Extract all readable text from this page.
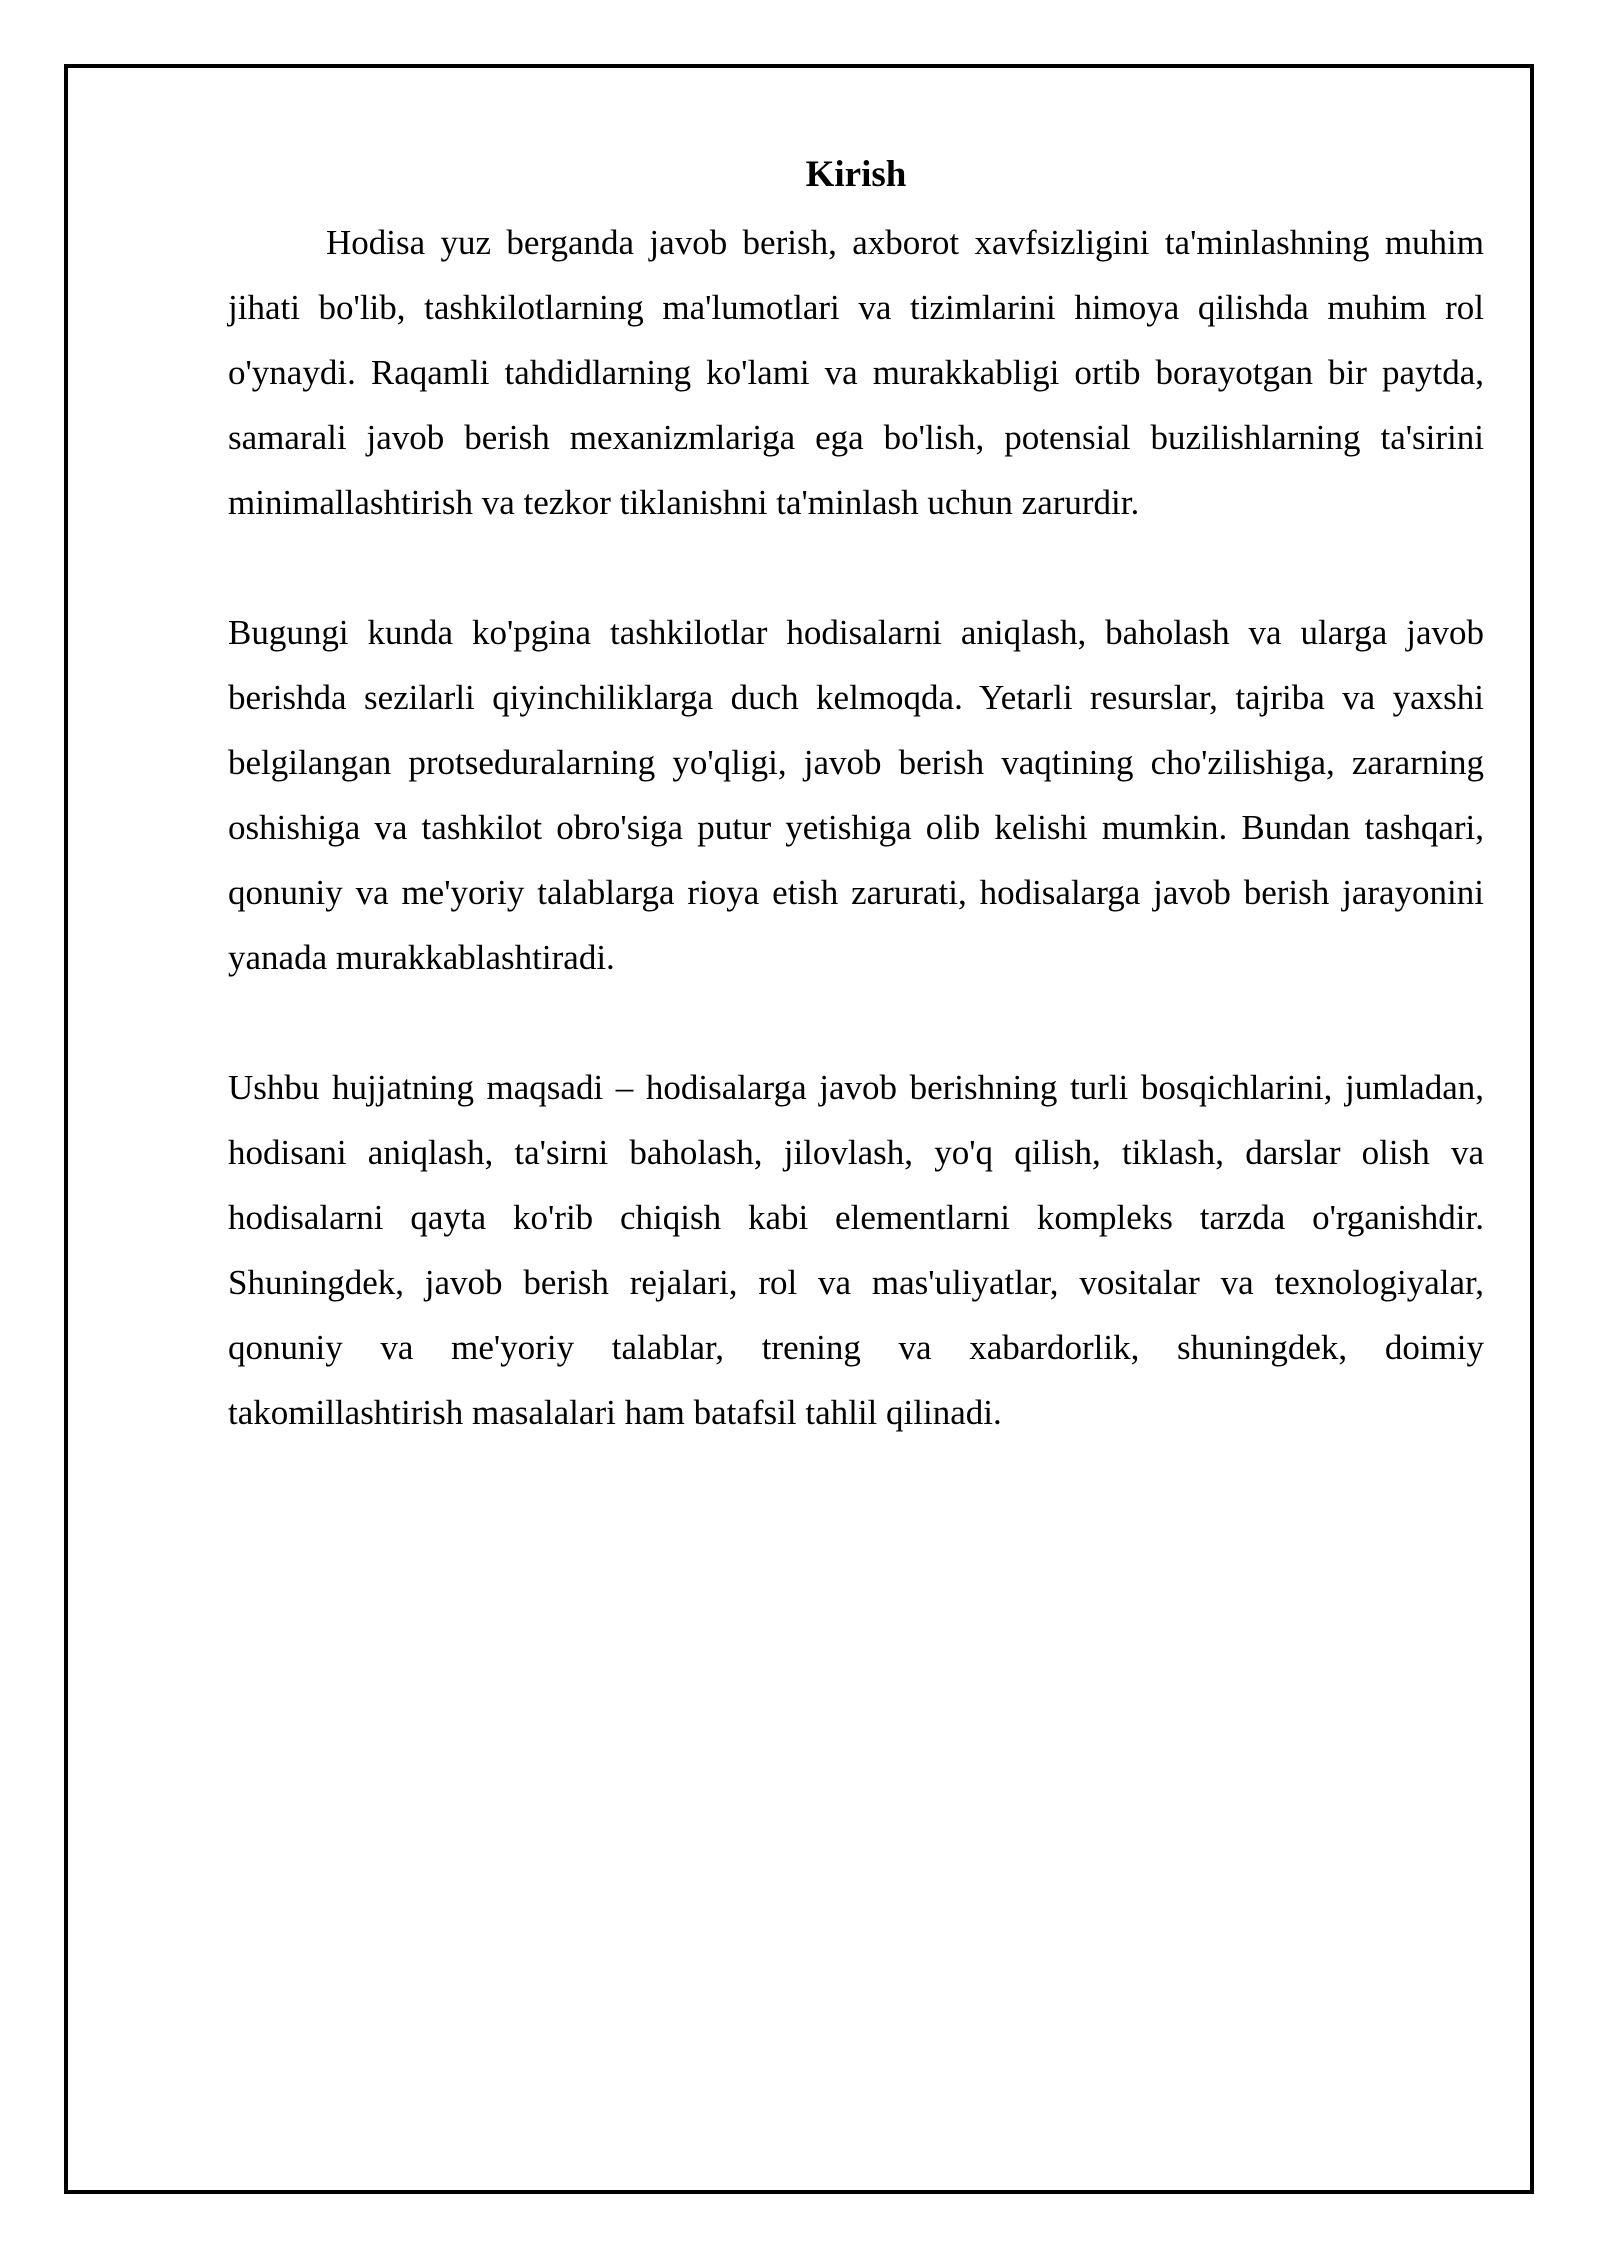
Kirish

Hodisa yuz berganda javob berish, axborot xavfsizligini ta'minlashning muhim jihati bo'lib, tashkilotlarning ma'lumotlari va tizimlarini himoya qilishda muhim rol o'ynaydi. Raqamli tahdidlarning ko'lami va murakkabligi ortib borayotgan bir paytda, samarali javob berish mexanizmlariga ega bo'lish, potensial buzilishlarning ta'sirini minimallashtirish va tezkor tiklanishni ta'minlash uchun zarurdir.

Bugungi kunda ko'pgina tashkilotlar hodisalarni aniqlash, baholash va ularga javob berishda sezilarli qiyinchiliklarga duch kelmoqda. Yetarli resurslar, tajriba va yaxshi belgilangan protseduralarning yo'qligi, javob berish vaqtining cho'zilishiga, zararning oshishiga va tashkilot obro'siga putur yetishiga olib kelishi mumkin. Bundan tashqari, qonuniy va me'yoriy talablarga rioya etish zarurati, hodisalarga javob berish jarayonini yanada murakkablashtiradi.

Ushbu hujjatning maqsadi – hodisalarga javob berishning turli bosqichlarini, jumladan, hodisani aniqlash, ta'sirni baholash, jilovlash, yo'q qilish, tiklash, darslar olish va hodisalarni qayta ko'rib chiqish kabi elementlarni kompleks tarzda o'rganishdir. Shuningdek, javob berish rejalari, rol va mas'uliyatlar, vositalar va texnologiyalar, qonuniy va me'yoriy talablar, trening va xabardorlik, shuningdek, doimiy takomillashtirish masalalari ham batafsil tahlil qilinadi.
